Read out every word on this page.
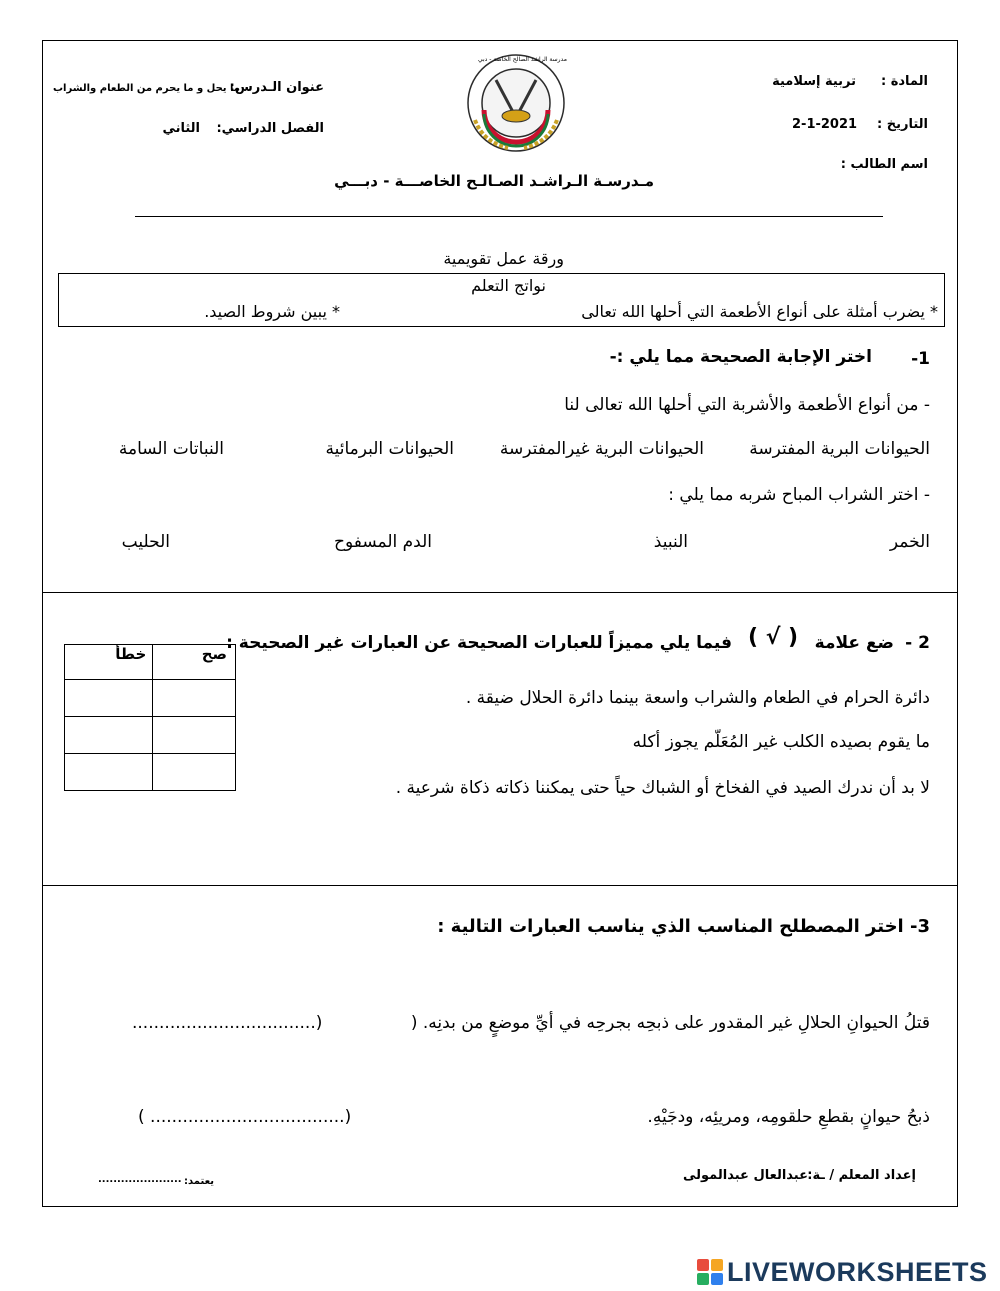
المادة :
تربية إسلامية
التاريخ :
2-1-2021
اسم الطالب :
عنوان الـدرس:
ما يحل و ما يحرم من الطعام والشراب
الفصل الدراسي:
الثاني
مدرسة الراشد الصالح الخاصة - دبي
مـدرسـة الـراشـد الصـالـح الخاصـــة - دبـــي
ورقة عمل تقويمية
نواتج التعلم
* يضرب أمثلة على أنواع الأطعمة التي أحلها الله تعالى
* يبين شروط الصيد.
1-
اختر الإجابة الصحيحة مما يلي :-
- من أنواع الأطعمة والأشربة التي أحلها الله تعالى لنا
الحيوانات البرية المفترسة
الحيوانات البرية غيرالمفترسة
الحيوانات البرمائية
النباتات السامة
- اختر الشراب المباح شربه مما يلي :
الخمر
النبيذ
الدم المسفوح
الحليب
2 -
ضع علامة
( √ )
فيما يلي مميزاً للعبارات الصحيحة عن العبارات غير الصحيحة :
خطأ	صح

دائرة الحرام في الطعام والشراب واسعة بينما دائرة الحلال ضيقة .
ما يقوم بصيده الكلب غير المُعَلّم يجوز أكله
لا بد أن ندرك الصيد في الفخاخ أو الشباك حياً حتى يمكننا ذكاته ذكاة شرعية .
3- اختر المصطلح المناسب الذي يناسب العبارات التالية :
قتلُ الحيوانِ الحلالِ غير المقدور على ذبحِه بجرحِه في أيِّ موضعٍ من بدنِه. (
..................................)
ذبحُ حيوانٍ بقطعِ حلقومِه، ومريئِه، ودجَيْهِ.
( ....................................)
إعداد المعلم / ـة:
عبدالعال عبدالمولى
يعتمد:
......................
LIVEWORKSHEETS
